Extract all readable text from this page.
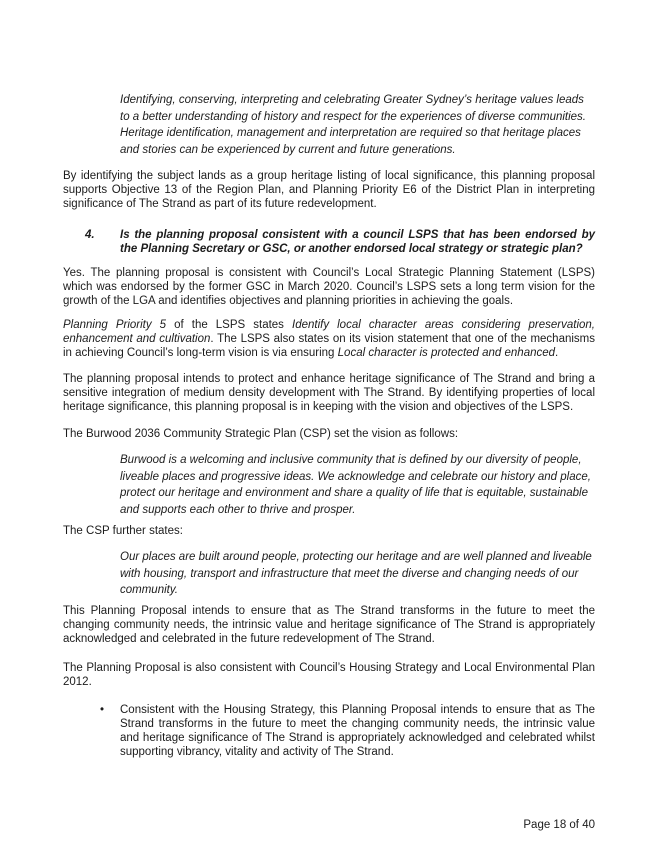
Identifying, conserving, interpreting and celebrating Greater Sydney’s heritage values leads to a better understanding of history and respect for the experiences of diverse communities. Heritage identification, management and interpretation are required so that heritage places and stories can be experienced by current and future generations.

By identifying the subject lands as a group heritage listing of local significance, this planning proposal supports Objective 13 of the Region Plan, and Planning Priority E6 of the District Plan in interpreting significance of The Strand as part of its future redevelopment.

4. Is the planning proposal consistent with a council LSPS that has been endorsed by the Planning Secretary or GSC, or another endorsed local strategy or strategic plan?

Yes. The planning proposal is consistent with Council’s Local Strategic Planning Statement (LSPS) which was endorsed by the former GSC in March 2020. Council’s LSPS sets a long term vision for the growth of the LGA and identifies objectives and planning priorities in achieving the goals.

Planning Priority 5 of the LSPS states Identify local character areas considering preservation, enhancement and cultivation. The LSPS also states on its vision statement that one of the mechanisms in achieving Council’s long-term vision is via ensuring Local character is protected and enhanced.

The planning proposal intends to protect and enhance heritage significance of The Strand and bring a sensitive integration of medium density development with The Strand. By identifying properties of local heritage significance, this planning proposal is in keeping with the vision and objectives of the LSPS.

The Burwood 2036 Community Strategic Plan (CSP) set the vision as follows:

Burwood is a welcoming and inclusive community that is defined by our diversity of people, liveable places and progressive ideas. We acknowledge and celebrate our history and place, protect our heritage and environment and share a quality of life that is equitable, sustainable and supports each other to thrive and prosper.

The CSP further states:

Our places are built around people, protecting our heritage and are well planned and liveable with housing, transport and infrastructure that meet the diverse and changing needs of our community.

This Planning Proposal intends to ensure that as The Strand transforms in the future to meet the changing community needs, the intrinsic value and heritage significance of The Strand is appropriately acknowledged and celebrated in the future redevelopment of The Strand.

The Planning Proposal is also consistent with Council’s Housing Strategy and Local Environmental Plan 2012.

• Consistent with the Housing Strategy, this Planning Proposal intends to ensure that as The Strand transforms in the future to meet the changing community needs, the intrinsic value and heritage significance of The Strand is appropriately acknowledged and celebrated whilst supporting vibrancy, vitality and activity of The Strand.
Page 18 of 40
